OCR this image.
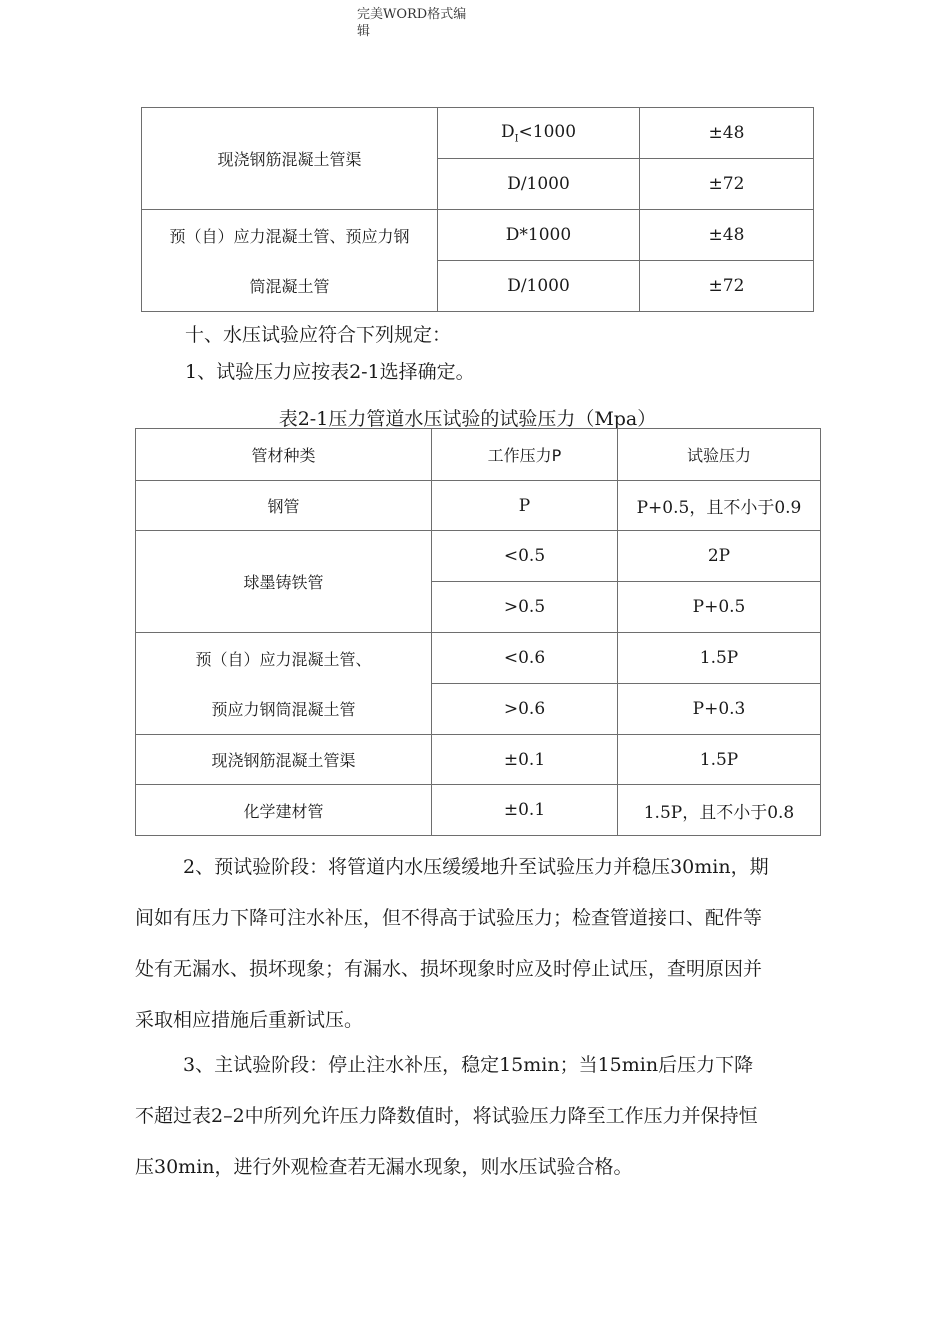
完美WORD格式编
辑
现浇钢筋混凝土管渠	$D_I<1000$	±48
	D/1000	±72
预（自）应力混凝土管、预应力钢	D*1000	±48
筒混凝土管	D/1000	±72
十、水压试验应符合下列规定：
1、试验压力应按表2-1选择确定。
表2-1压力管道水压试验的试验压力（Mpa）
管材种类	工作压力P	试验压力
钢管	P	P+0.5，且不小于0.9
球墨铸铁管	<0.5	2P
	>0.5	P+0.5
预（自）应力混凝土管、	<0.6	1.5P
预应力钢筒混凝土管	>0.6	P+0.3
现浇钢筋混凝土管渠	±0.1	1.5P
化学建材管	±0.1	1.5P，且不小于0.8
2、预试验阶段：将管道内水压缓缓地升至试验压力并稳压30min，期
间如有压力下降可注水补压，但不得高于试验压力；检查管道接口、配件等
处有无漏水、损坏现象；有漏水、损坏现象时应及时停止试压，查明原因并
采取相应措施后重新试压。
3、主试验阶段：停止注水补压，稳定15min；当15min后压力下降
不超过表2–2中所列允许压力降数值时，将试验压力降至工作压力并保持恒
压30min，进行外观检查若无漏水现象，则水压试验合格。
